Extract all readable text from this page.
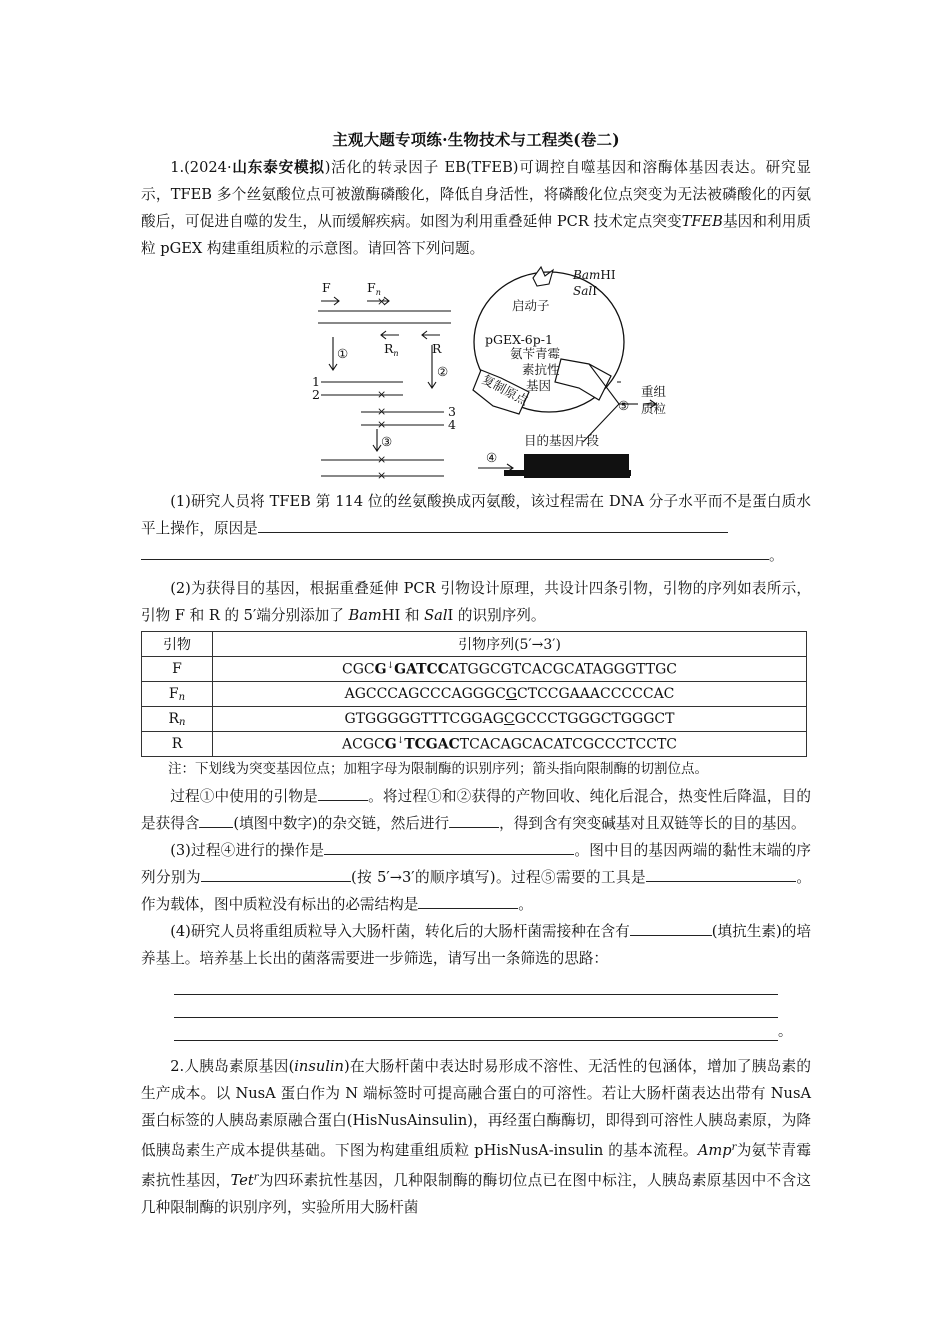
主观大题专项练·生物技术与工程类(卷二)

1.(2024·山东泰安模拟)活化的转录因子 EB(TFEB)可调控自噬基因和溶酶体基因表达。研究显示，TFEB 多个丝氨酸位点可被激酶磷酸化，降低自身活性，将磷酸化位点突变为无法被磷酸化的丙氨酸后，可促进自噬的发生，从而缓解疾病。如图为利用重叠延伸 PCR 技术定点突变TFEB基因和利用质粒 pGEX 构建重组质粒的示意图。请回答下列问题。

×
×
×
×
×
×
F	$F_n$
$R_n$	R
①
②
③
④
1
2
3
4
BamHⅠ
SalⅠ
启动子
pGEX-6p-1
氨苄青霉
素抗性
基因
复制原点	⑤
重组
质粒
目的基因片段

(1)研究人员将 TFEB 第 114 位的丝氨酸换成丙氨酸，该过程需在 DNA 分子水平而不是蛋白质水平上操作，原因是

。

(2)为获得目的基因，根据重叠延伸 PCR 引物设计原理，共设计四条引物，引物的序列如表所示，引物 F 和 R 的 5′端分别添加了 BamHⅠ 和 SalⅠ 的识别序列。

引物	引物序列(5′→3′)
F	CGCG↓GATCCATGGCGTCACGCATAGGGTTGC
$F_n$	AGCCCAGCCCAGGGCGCTCCGAAACCCCCAC
$R_n$	GTGGGGGTTTCGGAGCGCCCTGGGCTGGGCT
R	ACGCG↓TCGACTCACAGCACATCGCCCTCCTC

注：下划线为突变基因位点；加粗字母为限制酶的识别序列；箭头指向限制酶的切割位点。

过程①中使用的引物是	。将过程①和②获得的产物回收、纯化后混合，热变性后降温，目的是获得含 (填图中数字)的杂交链，然后进行	，得到含有突变碱基对且双链等长的目的基因。

(3)过程④进行的操作是	。图中目的基因两端的黏性末端的序列分别为	(按 5′→3′的顺序填写)。过程⑤需要的工具是	。作为载体，图中质粒没有标出的必需结构是	。

(4)研究人员将重组质粒导入大肠杆菌，转化后的大肠杆菌需接种在含有	(填抗生素)的培养基上。培养基上长出的菌落需要进一步筛选，请写出一条筛选的思路：

。

2.人胰岛素原基因(insulin)在大肠杆菌中表达时易形成不溶性、无活性的包涵体，增加了胰岛素的生产成本。以 NusA 蛋白作为 N 端标签时可提高融合蛋白的可溶性。若让大肠杆菌表达出带有 NusA 蛋白标签的人胰岛素原融合蛋白(HisNusAinsulin)，再经蛋白酶酶切，即得到可溶性人胰岛素原，为降低胰岛素生产成本提供基础。下图为构建重组质粒 pHisNusA-insulin 的基本流程。Amp$^r$为氨苄青霉素抗性基因，Tet$^r$为四环素抗性基因，几种限制酶的酶切位点已在图中标注，人胰岛素原基因中不含这几种限制酶的识别序列，实验所用大肠杆菌
